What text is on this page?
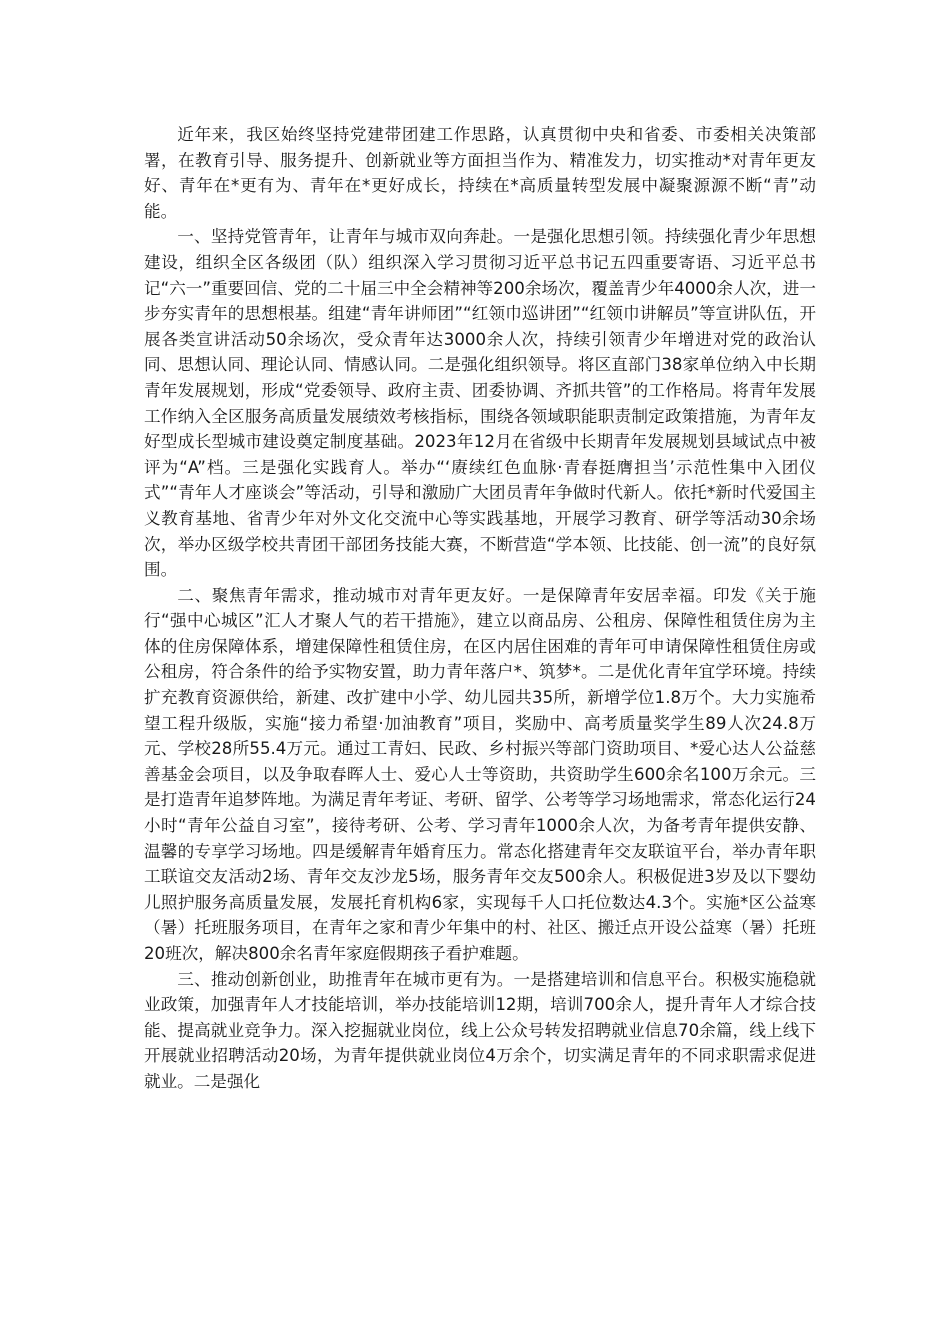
近年来，我区始终坚持党建带团建工作思路，认真贯彻中央和省委、市委相关决策部署，在教育引导、服务提升、创新就业等方面担当作为、精准发力，切实推动*对青年更友好、青年在*更有为、青年在*更好成长，持续在*高质量转型发展中凝聚源源不断“青”动能。

一、坚持党管青年，让青年与城市双向奔赴。一是强化思想引领。持续强化青少年思想建设，组织全区各级团（队）组织深入学习贯彻习近平总书记五四重要寄语、习近平总书记“六一”重要回信、党的二十届三中全会精神等200余场次，覆盖青少年4000余人次，进一步夯实青年的思想根基。组建“青年讲师团”“红领巾巡讲团”“红领巾讲解员”等宣讲队伍，开展各类宣讲活动50余场次，受众青年达3000余人次，持续引领青少年增进对党的政治认同、思想认同、理论认同、情感认同。二是强化组织领导。将区直部门38家单位纳入中长期青年发展规划，形成“党委领导、政府主责、团委协调、齐抓共管”的工作格局。将青年发展工作纳入全区服务高质量发展绩效考核指标，围绕各领域职能职责制定政策措施，为青年友好型成长型城市建设奠定制度基础。2023年12月在省级中长期青年发展规划县域试点中被评为“A”档。三是强化实践育人。举办“‘赓续红色血脉·青春挺膺担当’示范性集中入团仪式”“青年人才座谈会”等活动，引导和激励广大团员青年争做时代新人。依托*新时代爱国主义教育基地、省青少年对外文化交流中心等实践基地，开展学习教育、研学等活动30余场次，举办区级学校共青团干部团务技能大赛，不断营造“学本领、比技能、创一流”的良好氛围。

二、聚焦青年需求，推动城市对青年更友好。一是保障青年安居幸福。印发《关于施行“强中心城区”汇人才聚人气的若干措施》，建立以商品房、公租房、保障性租赁住房为主体的住房保障体系，增建保障性租赁住房，在区内居住困难的青年可申请保障性租赁住房或公租房，符合条件的给予实物安置，助力青年落户*、筑梦*。二是优化青年宜学环境。持续扩充教育资源供给，新建、改扩建中小学、幼儿园共35所，新增学位1.8万个。大力实施希望工程升级版，实施“接力希望·加油教育”项目，奖励中、高考质量奖学生89人次24.8万元、学校28所55.4万元。通过工青妇、民政、乡村振兴等部门资助项目、*爱心达人公益慈善基金会项目，以及争取春晖人士、爱心人士等资助，共资助学生600余名100万余元。三是打造青年追梦阵地。为满足青年考证、考研、留学、公考等学习场地需求，常态化运行24小时“青年公益自习室”，接待考研、公考、学习青年1000余人次，为备考青年提供安静、温馨的专享学习场地。四是缓解青年婚育压力。常态化搭建青年交友联谊平台，举办青年职工联谊交友活动2场、青年交友沙龙5场，服务青年交友500余人。积极促进3岁及以下婴幼儿照护服务高质量发展，发展托育机构6家，实现每千人口托位数达4.3个。实施*区公益寒（暑）托班服务项目，在青年之家和青少年集中的村、社区、搬迁点开设公益寒（暑）托班20班次，解决800余名青年家庭假期孩子看护难题。

三、推动创新创业，助推青年在城市更有为。一是搭建培训和信息平台。积极实施稳就业政策，加强青年人才技能培训，举办技能培训12期，培训700余人，提升青年人才综合技能、提高就业竞争力。深入挖掘就业岗位，线上公众号转发招聘就业信息70余篇，线上线下开展就业招聘活动20场，为青年提供就业岗位4万余个，切实满足青年的不同求职需求促进就业。二是强化
